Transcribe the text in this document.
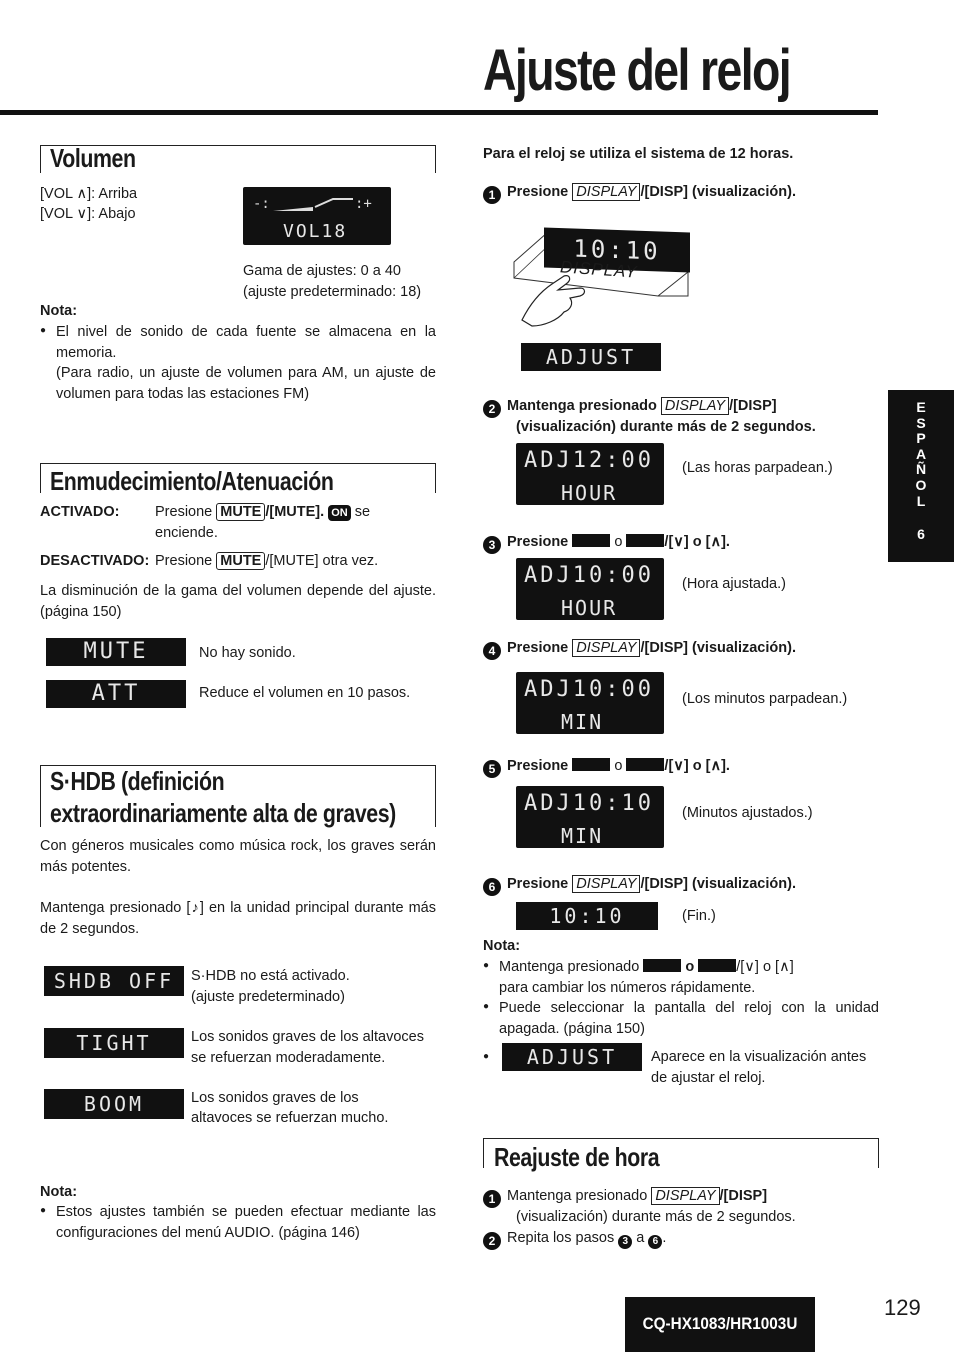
Ajuste del reloj
Volumen
[VOL ∧]: Arriba
[VOL ∨]: Abajo
-:	:+
VOL18
Gama de ajustes: 0 a 40
(ajuste predeterminado: 18)
Nota:
● El nivel de sonido de cada fuente se almacena en la memoria.
(Para radio, un ajuste de volumen para AM, un ajuste de volumen para todas las estaciones FM)
Enmudecimiento/Atenuación
ACTIVADO: Presione MUTE /[MUTE]. ON se enciende.
DESACTIVADO: Presione MUTE /[MUTE] otra vez.
La disminución de la gama del volumen depende del ajuste. (página 150)
MUTE	No hay sonido.
ATT	Reduce el volumen en 10 pasos.
S·HDB (definición
extraordinariamente alta de graves)
Con géneros musicales como música rock, los graves serán más potentes.
Mantenga presionado [♪] en la unidad principal durante más de 2 segundos.
SHDB OFF	S·HDB no está activado.
(ajuste predeterminado)
TIGHT	Los sonidos graves de los altavoces
se refuerzan moderadamente.
BOOM	Los sonidos graves de los
altavoces se refuerzan mucho.
Nota:
● Estos ajustes también se pueden efectuar mediante las configuraciones del menú AUDIO. (página 146)
Para el reloj se utiliza el sistema de 12 horas.
1 Presione DISPLAY /[DISP] (visualización).
10:10
DISPLAY
ADJUST
2 Mantenga presionado DISPLAY /[DISP]
(visualización) durante más de 2 segundos.
ADJ12:00
HOUR
(Las horas parpadean.)
3 Presione	o	/[∨] o [∧].
ADJ10:00
HOUR
(Hora ajustada.)
4 Presione DISPLAY /[DISP] (visualización).
ADJ10:00
MIN
(Los minutos parpadean.)
5 Presione	o	/[∨] o [∧].
ADJ10:10
MIN
(Minutos ajustados.)
6 Presione DISPLAY /[DISP] (visualización).
10:10	(Fin.)
Nota:
● Mantenga presionado	o	/[∨] o [∧]
para cambiar los números rápidamente.
● Puede seleccionar la pantalla del reloj con la unidad apagada. (página 150)
●	ADJUST	Aparece en la visualización antes
de ajustar el reloj.
Reajuste de hora
1 Mantenga presionado DISPLAY /[DISP]
(visualización) durante más de 2 segundos.
2 Repita los pasos 3 a 6 .
E
S
P
A
Ñ
O
L
6
CQ-HX1083/HR1003U
129
